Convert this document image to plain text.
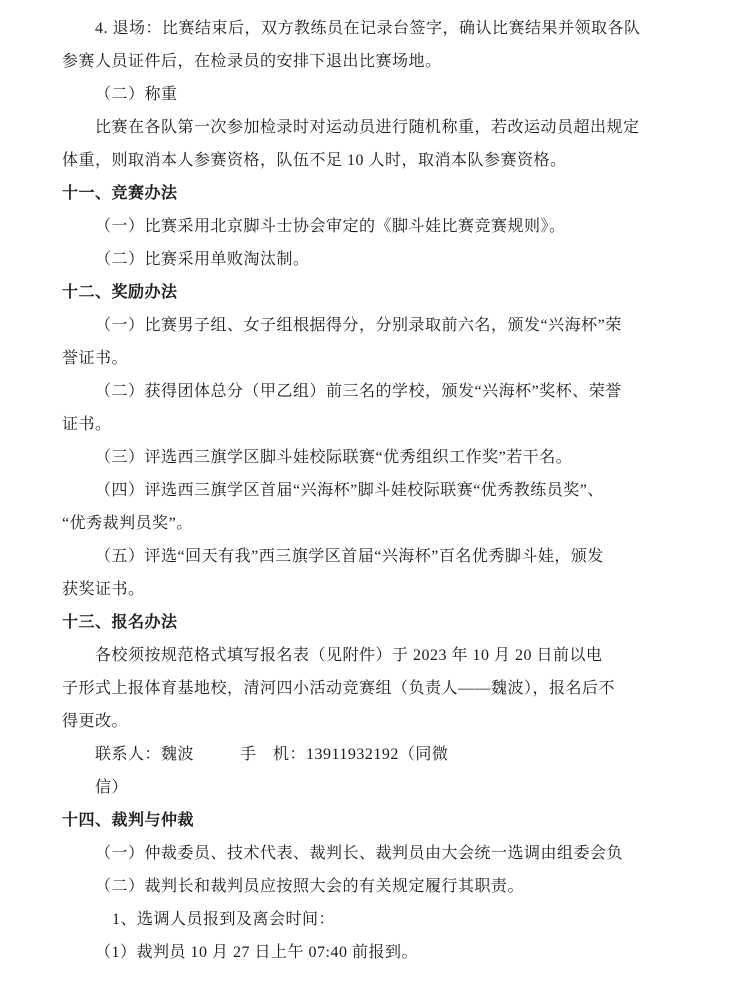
4. 退场：比赛结束后，双方教练员在记录台签字，确认比赛结果并领取各队
参赛人员证件后，在检录员的安排下退出比赛场地。
（二）称重
比赛在各队第一次参加检录时对运动员进行随机称重，若改运动员超出规定
体重，则取消本人参赛资格，队伍不足 10 人时，取消本队参赛资格。
十一、竞赛办法
（一）比赛采用北京脚斗士协会审定的《脚斗娃比赛竞赛规则》。
（二）比赛采用单败淘汰制。
十二、奖励办法
（一）比赛男子组、女子组根据得分，分别录取前六名，颁发“兴海杯”荣
誉证书。
（二）获得团体总分（甲乙组）前三名的学校，颁发“兴海杯”奖杯、荣誉
证书。
（三）评选西三旗学区脚斗娃校际联赛“优秀组织工作奖”若干名。
（四）评选西三旗学区首届“兴海杯”脚斗娃校际联赛“优秀教练员奖”、
“优秀裁判员奖”。
（五）评选“回天有我”西三旗学区首届“兴海杯”百名优秀脚斗娃，颁发
获奖证书。
十三、报名办法
各校须按规范格式填写报名表（见附件）于 2023 年 10 月 20 日前以电
子形式上报体育基地校，清河四小活动竞赛组（负责人——魏波），报名后不
得更改。
联系人：魏波	手　机：13911932192（同微
信）
十四、裁判与仲裁
（一）仲裁委员、技术代表、裁判长、裁判员由大会统一选调由组委会负
（二）裁判长和裁判员应按照大会的有关规定履行其职责。
1、选调人员报到及离会时间：
（1）裁判员 10 月 27 日上午 07:40 前报到。
